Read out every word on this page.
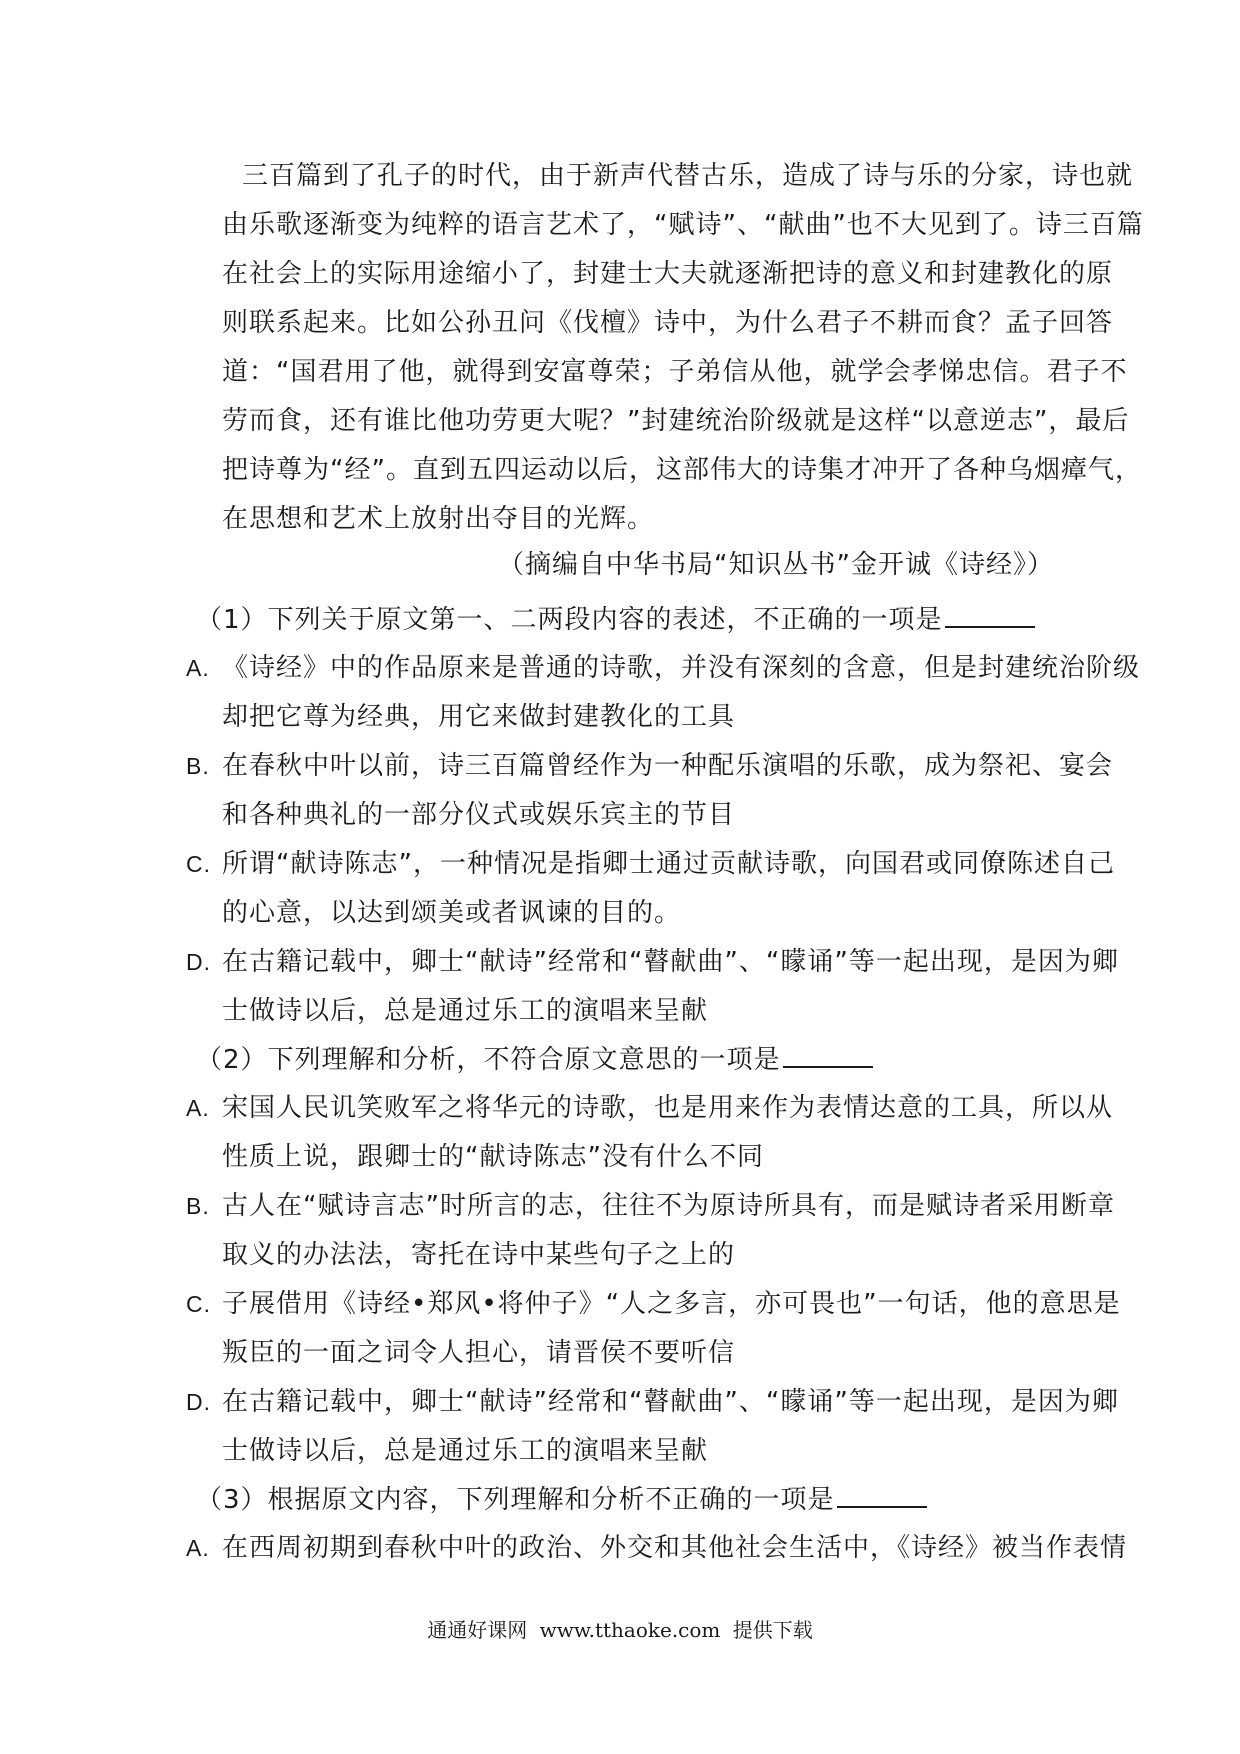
三百篇到了孔子的时代，由于新声代替古乐，造成了诗与乐的分家，诗也就
由乐歌逐渐变为纯粹的语言艺术了，“赋诗”、“献曲”也不大见到了。诗三百篇
在社会上的实际用途缩小了，封建士大夫就逐渐把诗的意义和封建教化的原
则联系起来。比如公孙丑问《伐檀》诗中，为什么君子不耕而食？孟子回答
道：“国君用了他，就得到安富尊荣；子弟信从他，就学会孝悌忠信。君子不
劳而食，还有谁比他功劳更大呢？”封建统治阶级就是这样“以意逆志”，最后
把诗尊为“经”。直到五四运动以后，这部伟大的诗集才冲开了各种乌烟瘴气，
在思想和艺术上放射出夺目的光辉。
（摘编自中华书局“知识丛书”金开诚《诗经》）
（1）下列关于原文第一、二两段内容的表述，不正确的一项是
A. 《诗经》中的作品原来是普通的诗歌，并没有深刻的含意，但是封建统治阶级
却把它尊为经典，用它来做封建教化的工具
B. 在春秋中叶以前，诗三百篇曾经作为一种配乐演唱的乐歌，成为祭祀、宴会
和各种典礼的一部分仪式或娱乐宾主的节目
C. 所谓“献诗陈志”，一种情况是指卿士通过贡献诗歌，向国君或同僚陈述自己
的心意，以达到颂美或者讽谏的目的。
D. 在古籍记载中，卿士“献诗”经常和“瞽献曲”、“矇诵”等一起出现，是因为卿
士做诗以后，总是通过乐工的演唱来呈献
（2）下列理解和分析，不符合原文意思的一项是
A. 宋国人民讥笑败军之将华元的诗歌，也是用来作为表情达意的工具，所以从
性质上说，跟卿士的“献诗陈志”没有什么不同
B. 古人在“赋诗言志”时所言的志，往往不为原诗所具有，而是赋诗者采用断章
取义的办法法，寄托在诗中某些句子之上的
C. 子展借用《诗经•郑风•将仲子》“人之多言，亦可畏也”一句话，他的意思是
叛臣的一面之词令人担心，请晋侯不要听信
D. 在古籍记载中，卿士“献诗”经常和“瞽献曲”、“矇诵”等一起出现，是因为卿
士做诗以后，总是通过乐工的演唱来呈献
（3）根据原文内容，下列理解和分析不正确的一项是
A. 在西周初期到春秋中叶的政治、外交和其他社会生活中，《诗经》被当作表情
通通好课网 www.tthaoke.com 提供下载
